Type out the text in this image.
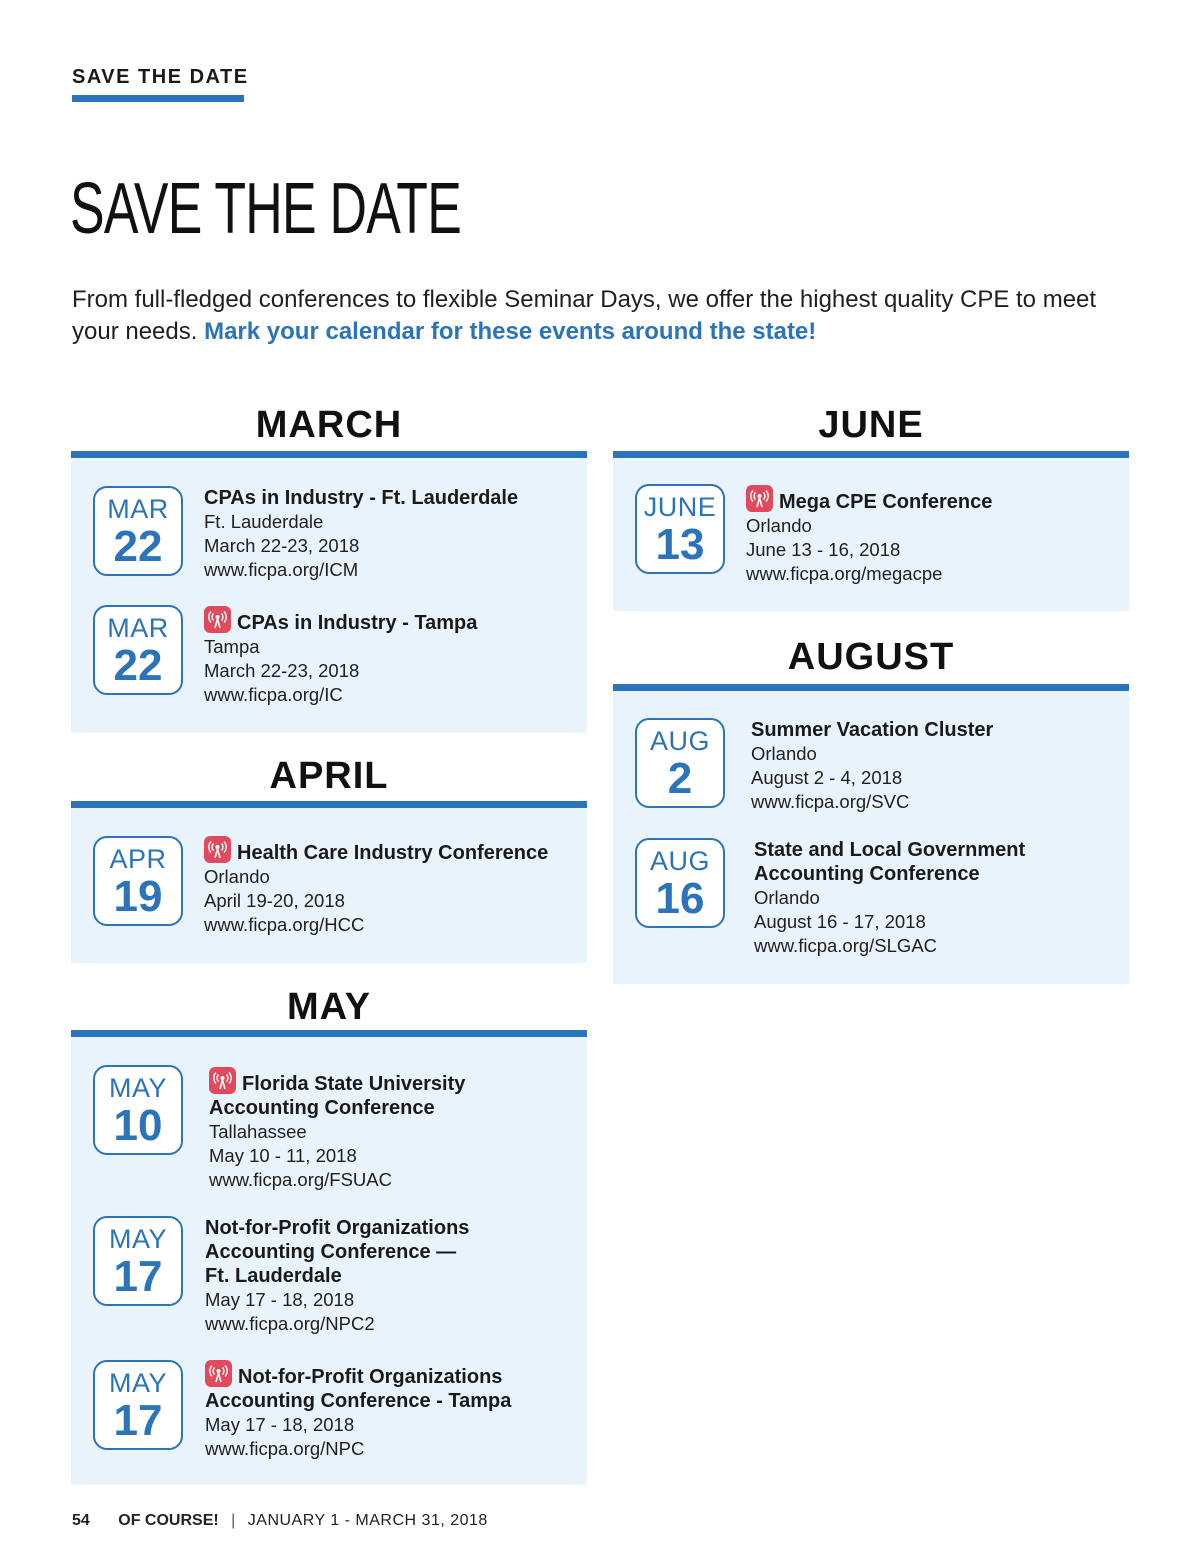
SAVE THE DATE
SAVE THE DATE
From full-fledged conferences to flexible Seminar Days, we offer the highest quality CPE to meet your needs. Mark your calendar for these events around the state!
MARCH
MAR
22
CPAs in Industry - Ft. Lauderdale
Ft. Lauderdale
March 22-23, 2018
www.ficpa.org/ICM
MAR
22
CPAs in Industry - Tampa
Tampa
March 22-23, 2018
www.ficpa.org/IC
APRIL
APR
19
Health Care Industry Conference
Orlando
April 19-20, 2018
www.ficpa.org/HCC
MAY
MAY
10
Florida State University
Accounting Conference
Tallahassee
May 10 - 11, 2018
www.ficpa.org/FSUAC
MAY
17
Not-for-Profit Organizations
Accounting Conference —
Ft. Lauderdale
May 17 - 18, 2018
www.ficpa.org/NPC2
MAY
17
Not-for-Profit Organizations
Accounting Conference - Tampa
May 17 - 18, 2018
www.ficpa.org/NPC
JUNE
JUNE
13
Mega CPE Conference
Orlando
June 13 - 16, 2018
www.ficpa.org/megacpe
AUGUST
AUG
2
Summer Vacation Cluster
Orlando
August 2 - 4, 2018
www.ficpa.org/SVC
AUG
16
State and Local Government
Accounting Conference
Orlando
August 16 - 17, 2018
www.ficpa.org/SLGAC
54 OF COURSE! | JANUARY 1 - MARCH 31, 2018
